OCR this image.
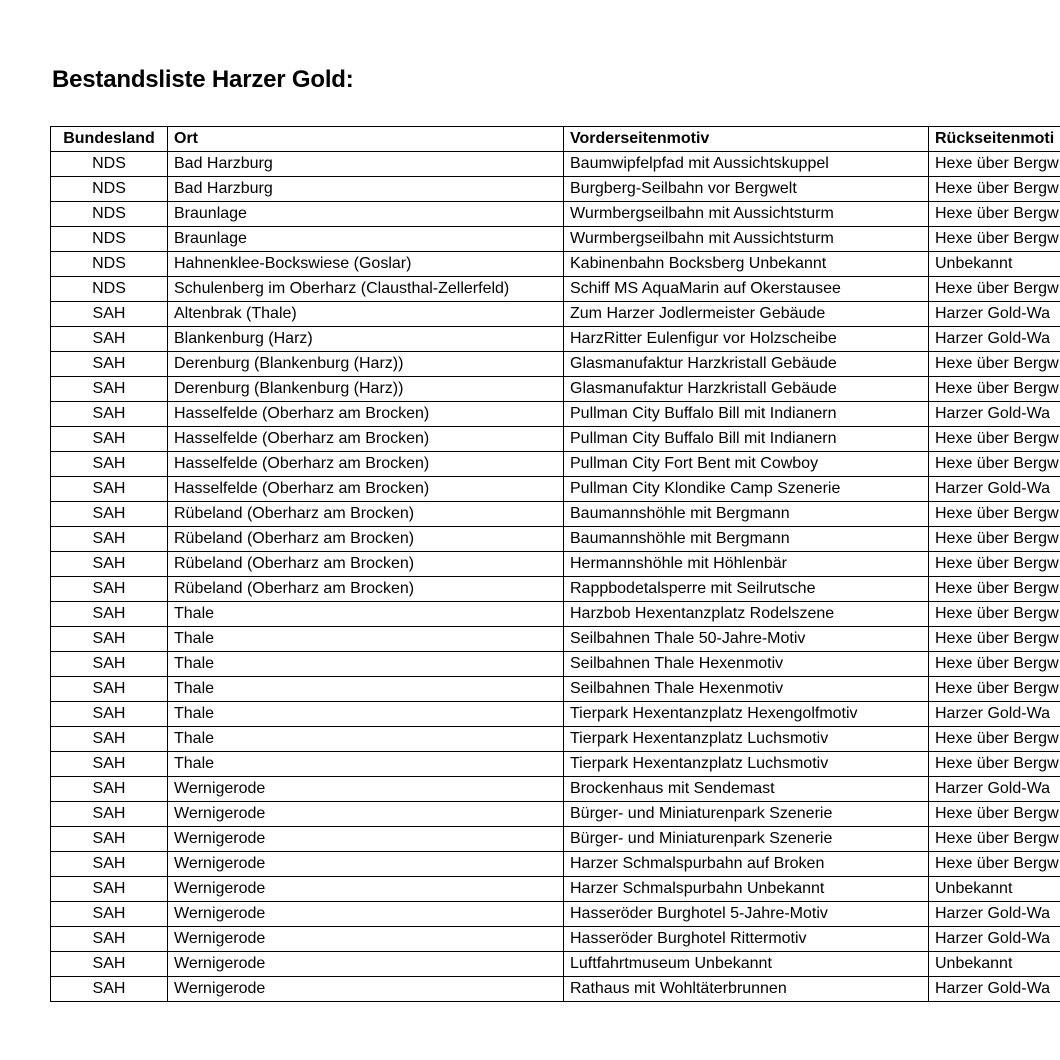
Bestandsliste Harzer Gold:
Bundesland	Ort	Vorderseitenmotiv	Rückseitenmoti
NDS	Bad Harzburg	Baumwipfelpfad mit Aussichtskuppel	Hexe über Bergw
NDS	Bad Harzburg	Burgberg-Seilbahn vor Bergwelt	Hexe über Bergw
NDS	Braunlage	Wurmbergseilbahn mit Aussichtsturm	Hexe über Bergw
NDS	Braunlage	Wurmbergseilbahn mit Aussichtsturm	Hexe über Bergw
NDS	Hahnenklee-Bockswiese (Goslar)	Kabinenbahn Bocksberg Unbekannt	Unbekannt
NDS	Schulenberg im Oberharz (Clausthal-Zellerfeld)	Schiff MS AquaMarin auf Okerstausee	Hexe über Bergw
SAH	Altenbrak (Thale)	Zum Harzer Jodlermeister Gebäude	Harzer Gold-Wa
SAH	Blankenburg (Harz)	HarzRitter Eulenfigur vor Holzscheibe	Harzer Gold-Wa
SAH	Derenburg (Blankenburg (Harz))	Glasmanufaktur Harzkristall Gebäude	Hexe über Bergw
SAH	Derenburg (Blankenburg (Harz))	Glasmanufaktur Harzkristall Gebäude	Hexe über Bergw
SAH	Hasselfelde (Oberharz am Brocken)	Pullman City Buffalo Bill mit Indianern	Harzer Gold-Wa
SAH	Hasselfelde (Oberharz am Brocken)	Pullman City Buffalo Bill mit Indianern	Hexe über Bergw
SAH	Hasselfelde (Oberharz am Brocken)	Pullman City Fort Bent mit Cowboy	Hexe über Bergw
SAH	Hasselfelde (Oberharz am Brocken)	Pullman City Klondike Camp Szenerie	Harzer Gold-Wa
SAH	Rübeland (Oberharz am Brocken)	Baumannshöhle mit Bergmann	Hexe über Bergw
SAH	Rübeland (Oberharz am Brocken)	Baumannshöhle mit Bergmann	Hexe über Bergw
SAH	Rübeland (Oberharz am Brocken)	Hermannshöhle mit Höhlenbär	Hexe über Bergw
SAH	Rübeland (Oberharz am Brocken)	Rappbodetalsperre mit Seilrutsche	Hexe über Bergw
SAH	Thale	Harzbob Hexentanzplatz Rodelszene	Hexe über Bergw
SAH	Thale	Seilbahnen Thale 50-Jahre-Motiv	Hexe über Bergw
SAH	Thale	Seilbahnen Thale Hexenmotiv	Hexe über Bergw
SAH	Thale	Seilbahnen Thale Hexenmotiv	Hexe über Bergw
SAH	Thale	Tierpark Hexentanzplatz Hexengolfmotiv	Harzer Gold-Wa
SAH	Thale	Tierpark Hexentanzplatz Luchsmotiv	Hexe über Bergw
SAH	Thale	Tierpark Hexentanzplatz Luchsmotiv	Hexe über Bergw
SAH	Wernigerode	Brockenhaus mit Sendemast	Harzer Gold-Wa
SAH	Wernigerode	Bürger- und Miniaturenpark Szenerie	Hexe über Bergw
SAH	Wernigerode	Bürger- und Miniaturenpark Szenerie	Hexe über Bergw
SAH	Wernigerode	Harzer Schmalspurbahn auf Broken	Hexe über Bergw
SAH	Wernigerode	Harzer Schmalspurbahn Unbekannt	Unbekannt
SAH	Wernigerode	Hasseröder Burghotel 5-Jahre-Motiv	Harzer Gold-Wa
SAH	Wernigerode	Hasseröder Burghotel Rittermotiv	Harzer Gold-Wa
SAH	Wernigerode	Luftfahrtmuseum Unbekannt	Unbekannt
SAH	Wernigerode	Rathaus mit Wohltäterbrunnen	Harzer Gold-Wa
